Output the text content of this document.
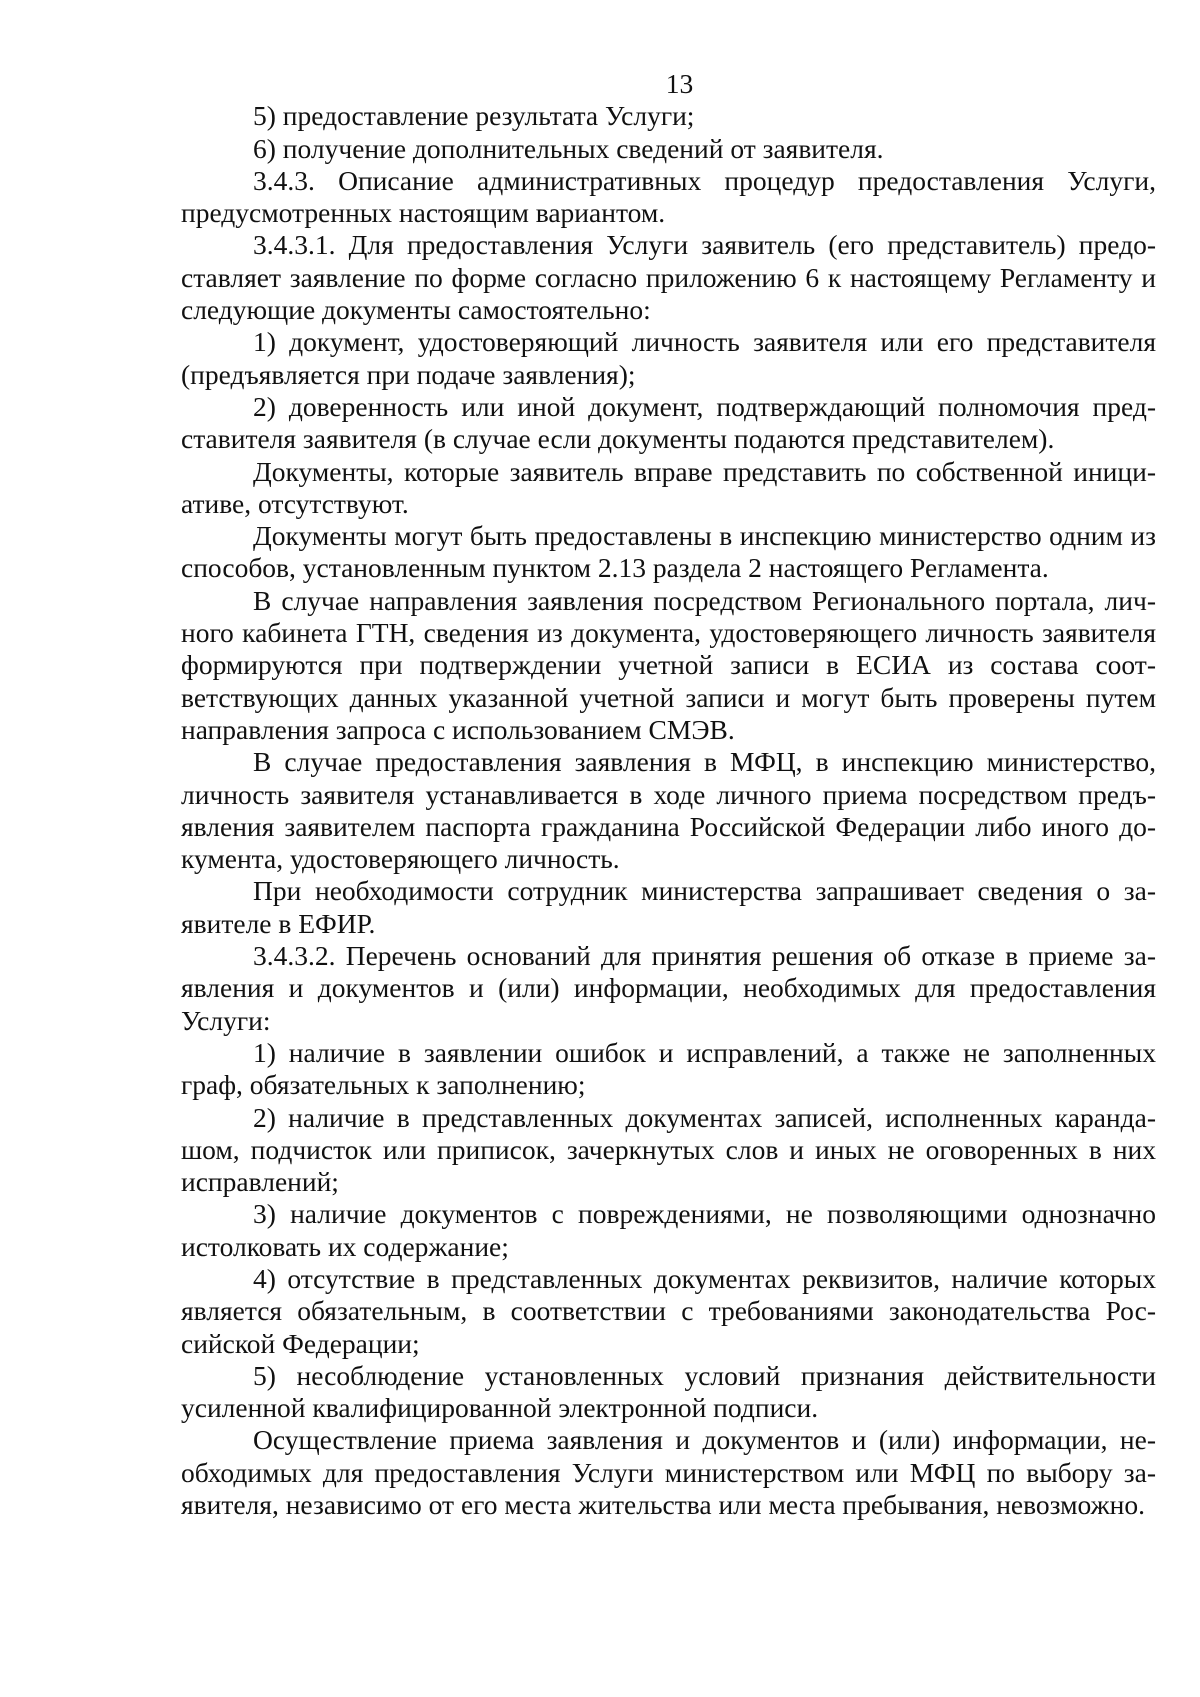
13

5) предоставление результата Услуги;

6) получение дополнительных сведений от заявителя.

3.4.3. Описание административных процедур предоставления Услуги, предусмотренных настоящим вариантом.

3.4.3.1. Для предоставления Услуги заявитель (его представитель) предоставляет заявление по форме согласно приложению 6 к настоящему Регламенту и следующие документы самостоятельно:

1) документ, удостоверяющий личность заявителя или его представителя (предъявляется при подаче заявления);

2) доверенность или иной документ, подтверждающий полномочия представителя заявителя (в случае если документы подаются представителем).

Документы, которые заявитель вправе представить по собственной инициативе, отсутствуют.

Документы могут быть предоставлены в инспекцию министерство одним из способов, установленным пунктом 2.13 раздела 2 настоящего Регламента.

В случае направления заявления посредством Регионального портала, личного кабинета ГТН, сведения из документа, удостоверяющего личность заявителя формируются при подтверждении учетной записи в ЕСИА из состава соответствующих данных указанной учетной записи и могут быть проверены путем направления запроса с использованием СМЭВ.

В случае предоставления заявления в МФЦ, в инспекцию министерство, личность заявителя устанавливается в ходе личного приема посредством предъявления заявителем паспорта гражданина Российской Федерации либо иного документа, удостоверяющего личность.

При необходимости сотрудник министерства запрашивает сведения о заявителе в ЕФИР.

3.4.3.2. Перечень оснований для принятия решения об отказе в приеме заявления и документов и (или) информации, необходимых для предоставления Услуги:

1) наличие в заявлении ошибок и исправлений, а также не заполненных граф, обязательных к заполнению;

2) наличие в представленных документах записей, исполненных карандашом, подчисток или приписок, зачеркнутых слов и иных не оговоренных в них исправлений;

3) наличие документов с повреждениями, не позволяющими однозначно истолковать их содержание;

4) отсутствие в представленных документах реквизитов, наличие которых является обязательным, в соответствии с требованиями законодательства Российской Федерации;

5) несоблюдение установленных условий признания действительности усиленной квалифицированной электронной подписи.

Осуществление приема заявления и документов и (или) информации, необходимых для предоставления Услуги министерством или МФЦ по выбору заявителя, независимо от его места жительства или места пребывания, невозможно.
